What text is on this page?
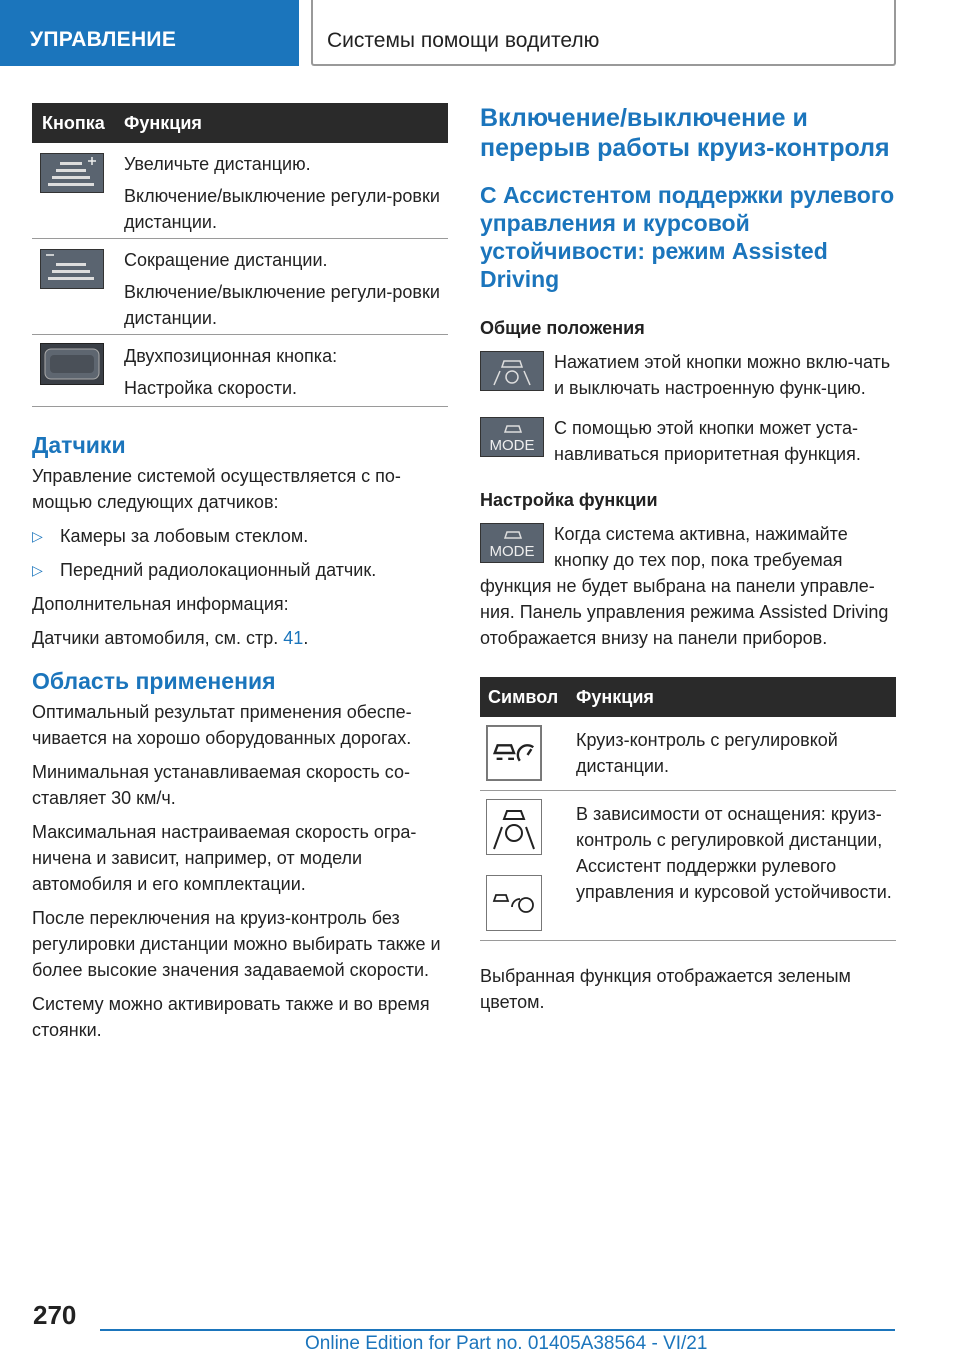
УПРАВЛЕНИЕ	Системы помощи водителю
Кнопка	Функция

Увеличьте дистанцию.

Включение/выключение регули-ровки дистанции.

Сокращение дистанции.

Включение/выключение регули-ровки дистанции.

Двухпозиционная кнопка:

Настройка скорости.

Датчики
Управление системой осуществляется с по-мощью следующих датчиков:
▷ Камеры за лобовым стеклом.
▷ Передний радиолокационный датчик.
Дополнительная информация:
Датчики автомобиля, см. стр. 41.
Область применения
Оптимальный результат применения обеспе-чивается на хорошо оборудованных дорогах.
Минимальная устанавливаемая скорость со-ставляет 30 км/ч.
Максимальная настраиваемая скорость огра-ничена и зависит, например, от модели автомобиля и его комплектации.
После переключения на круиз-контроль без регулировки дистанции можно выбирать также и более высокие значения задаваемой скорости.
Систему можно активировать также и во время стоянки.
Включение/выключение и перерыв работы круиз-контроля
С Ассистентом поддержки рулевого управления и курсовой устойчивости: режим Assisted Driving
Общие положения
Нажатием этой кнопки можно вклю-чать и выключать настроенную функ-цию.
MODE
С помощью этой кнопки может уста-навливаться приоритетная функция.
Настройка функции
MODE
Когда система активна, нажимайте кнопку до тех пор, пока требуемая функция не будет выбрана на панели управле-ния. Панель управления режима Assisted Driving отображается внизу на панели приборов.
Символ Функция
Круиз-контроль с регулировкой дистанции.
В зависимости от оснащения: круиз-контроль с регулировкой дистанции, Ассистент поддержки рулевого управления и курсовой устойчивости.
Выбранная функция отображается зеленым цветом.
270
Online Edition for Part no. 01405A38564 - VI/21
